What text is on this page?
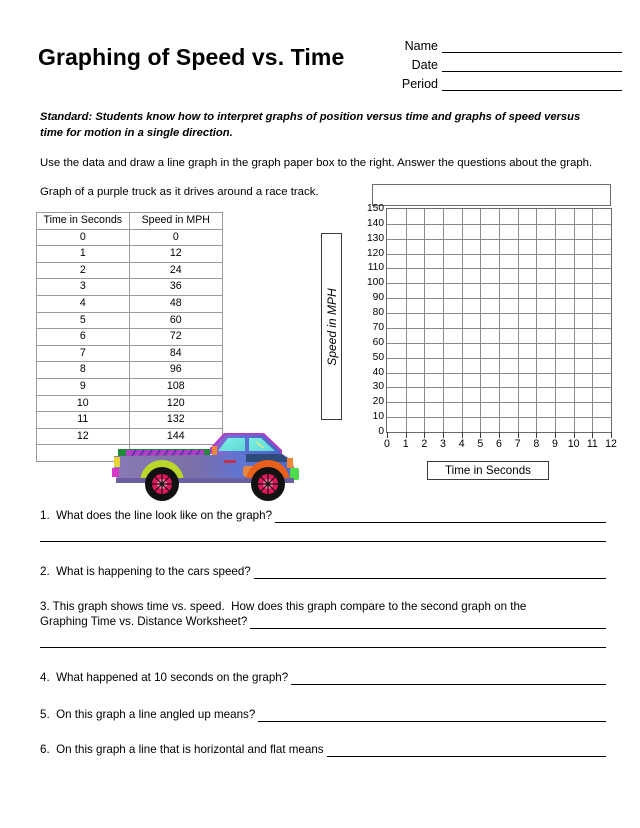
Graphing of Speed vs. Time	Name
Date
Period
Standard: Students know how to interpret graphs of position versus time and graphs of speed versus time for motion in a single direction.
Use the data and draw a line graph in the graph paper box to the right. Answer the questions about the graph.
Graph of a purple truck as it drives around a race track.
Time in Seconds	Speed in MPH
0	0
1	12
2	24
3	36
4	48
5	60
6	72
7	84
8	96
9	108
10	120
11	132
12	144

Speed in MPH
0
10
20
30
40
50
60
70
80
90
100
110
120
130
140
150
0	1	2	3	4	5	6	7	8	9 10 11 12
Time in Seconds
1.  What does the line look like on the graph?
2.  What is happening to the cars speed?
3. This graph shows time vs. speed.  How does this graph compare to the second graph on the
Graphing Time vs. Distance Worksheet?
4.  What happened at 10 seconds on the graph?
5.  On this graph a line angled up means?
6.  On this graph a line that is horizontal and flat means
